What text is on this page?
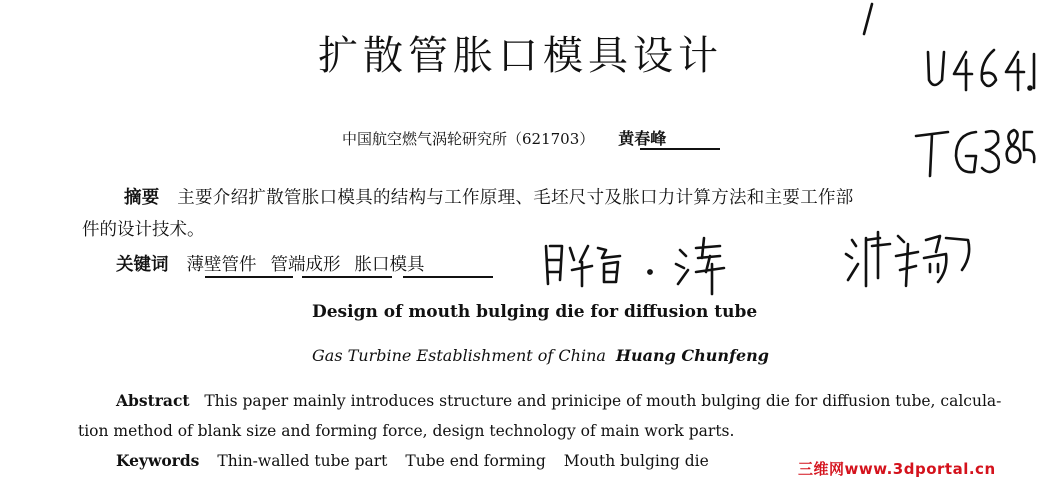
扩散管胀口模具设计
中国航空燃气涡轮研究所（621703） 黄春峰
摘要 主要介绍扩散管胀口模具的结构与工作原理、毛坯尺寸及胀口力计算方法和主要工作部
件的设计技术。
关键词 薄壁管件 管端成形 胀口模具
Design of mouth bulging die for diffusion tube
Gas Turbine Establishment of China Huang Chunfeng
Abstract This paper mainly introduces structure and prinicipe of mouth bulging die for diffusion tube, calcula-
tion method of blank size and forming force, design technology of main work parts.
Keywords Thin-walled tube part Tube end forming Mouth bulging die	三维网www.3dportal.cn
